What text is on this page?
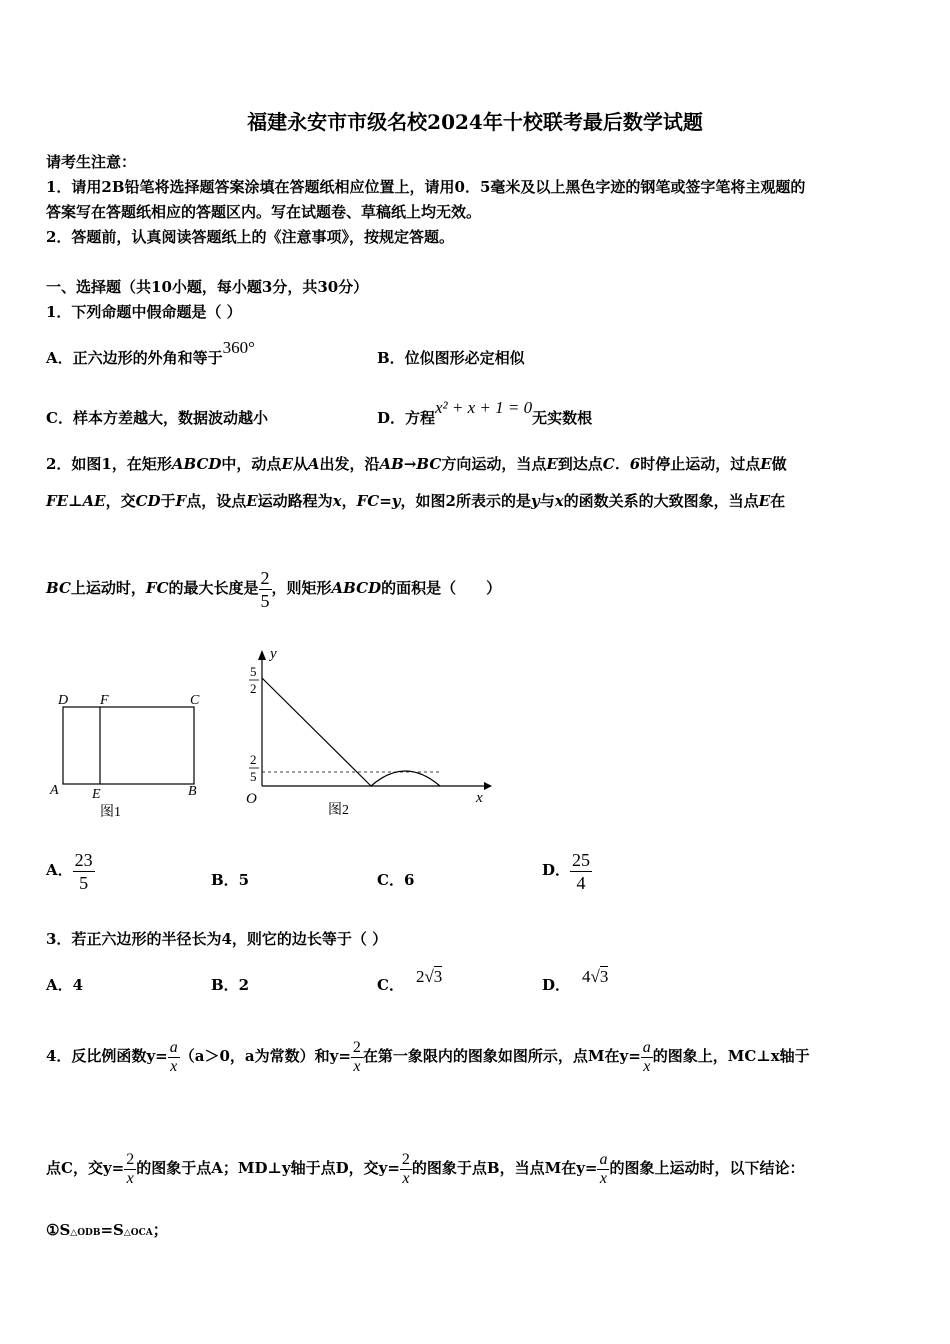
福建永安市市级名校2024年十校联考最后数学试题
请考生注意：
1．请用2B铅笔将选择题答案涂填在答题纸相应位置上，请用0．5毫米及以上黑色字迹的钢笔或签字笔将主观题的
答案写在答题纸相应的答题区内。写在试题卷、草稿纸上均无效。
2．答题前，认真阅读答题纸上的《注意事项》，按规定答题。
一、选择题（共10小题，每小题3分，共30分）
1．下列命题中假命题是（ ）
A．正六边形的外角和等于360°
B．位似图形必定相似
C．样本方差越大，数据波动越小	D．方程x² + x + 1 = 0无实数根
2．如图1，在矩形ABCD中，动点E从A出发，沿AB→BC方向运动，当点E到达点C．6时停止运动，过点E做
FE⊥AE，交CD于F点，设点E运动路程为x，FC=y，如图2所表示的是y与x的函数关系的大致图象，当点E在
BC上运动时，FC的最大长度是 $\frac{2}{5}$ ，则矩形ABCD的面积是（　　）
D F	C
A E	B
图1
y
x
O
5
2
2
5
图2
A． $\frac{23}{5}$	B．5	C．6
D． $\frac{25}{4}$
3．若正六边形的半径长为4，则它的边长等于（ ）
A．4	B．2	C． 2√3	D． 4√3
4．反比例函数$y= \frac{a}{x} (a>0$，a为常数）和$y= \frac{2}{x}$ 在第一象限内的图象如图所示，点M在$y= \frac{a}{x}$ 的图象上，MC⊥x轴于
点C，交$y= \frac{2}{x}$ 的图象于点A；MD⊥y轴于点D，交$y= \frac{2}{x}$ 的图象于点B，当点M在$y= \frac{a}{x}$ 的图象上运动时，以下结论：
①S△ODB=S△OCA；
